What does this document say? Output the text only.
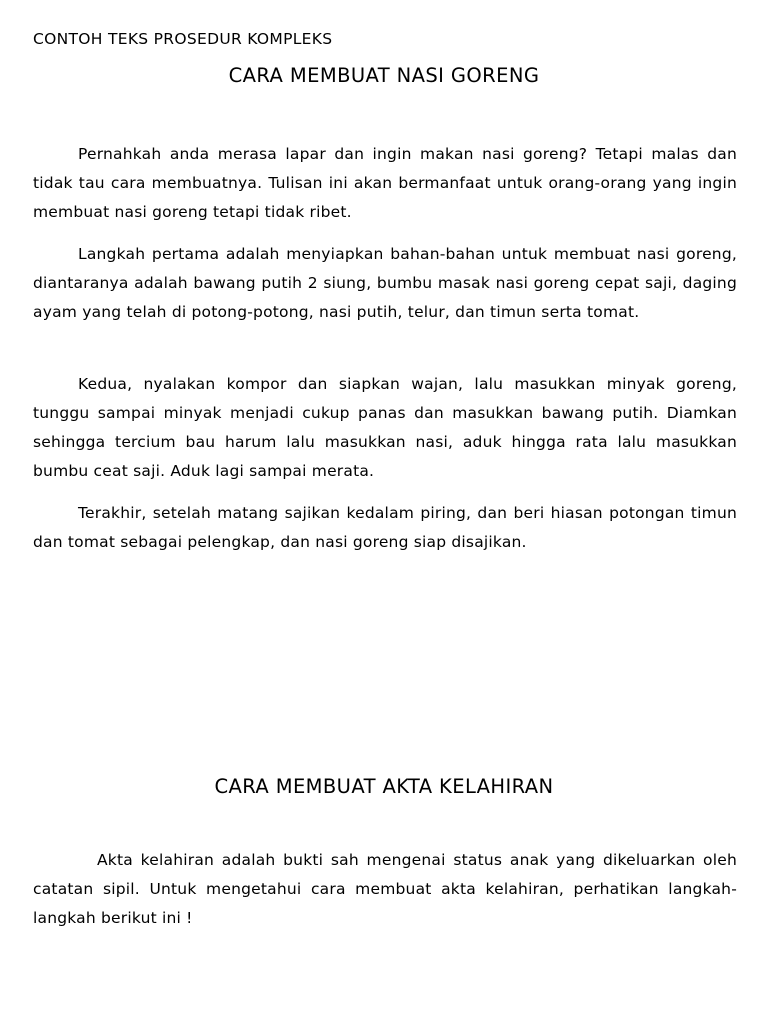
CONTOH TEKS PROSEDUR KOMPLEKS

CARA MEMBUAT NASI GORENG

Pernahkah anda merasa lapar dan ingin makan nasi goreng? Tetapi malas dan tidak tau cara membuatnya. Tulisan ini akan bermanfaat untuk orang-orang yang ingin membuat nasi goreng tetapi tidak ribet.

Langkah pertama adalah menyiapkan bahan-bahan untuk membuat nasi goreng, diantaranya adalah bawang putih 2 siung, bumbu masak nasi goreng cepat saji, daging ayam yang telah di potong-potong, nasi putih, telur, dan timun serta tomat.

Kedua, nyalakan kompor dan siapkan wajan, lalu masukkan minyak goreng, tunggu sampai minyak menjadi cukup panas dan masukkan bawang putih. Diamkan sehingga tercium bau harum lalu masukkan nasi, aduk hingga rata lalu masukkan bumbu ceat saji. Aduk lagi sampai merata.

Terakhir, setelah matang sajikan kedalam piring, dan beri hiasan potongan timun dan tomat sebagai pelengkap, dan nasi goreng siap disajikan.

CARA MEMBUAT AKTA KELAHIRAN

Akta kelahiran adalah bukti sah mengenai status anak yang dikeluarkan oleh catatan sipil. Untuk mengetahui cara membuat akta kelahiran, perhatikan langkah-langkah berikut ini !
